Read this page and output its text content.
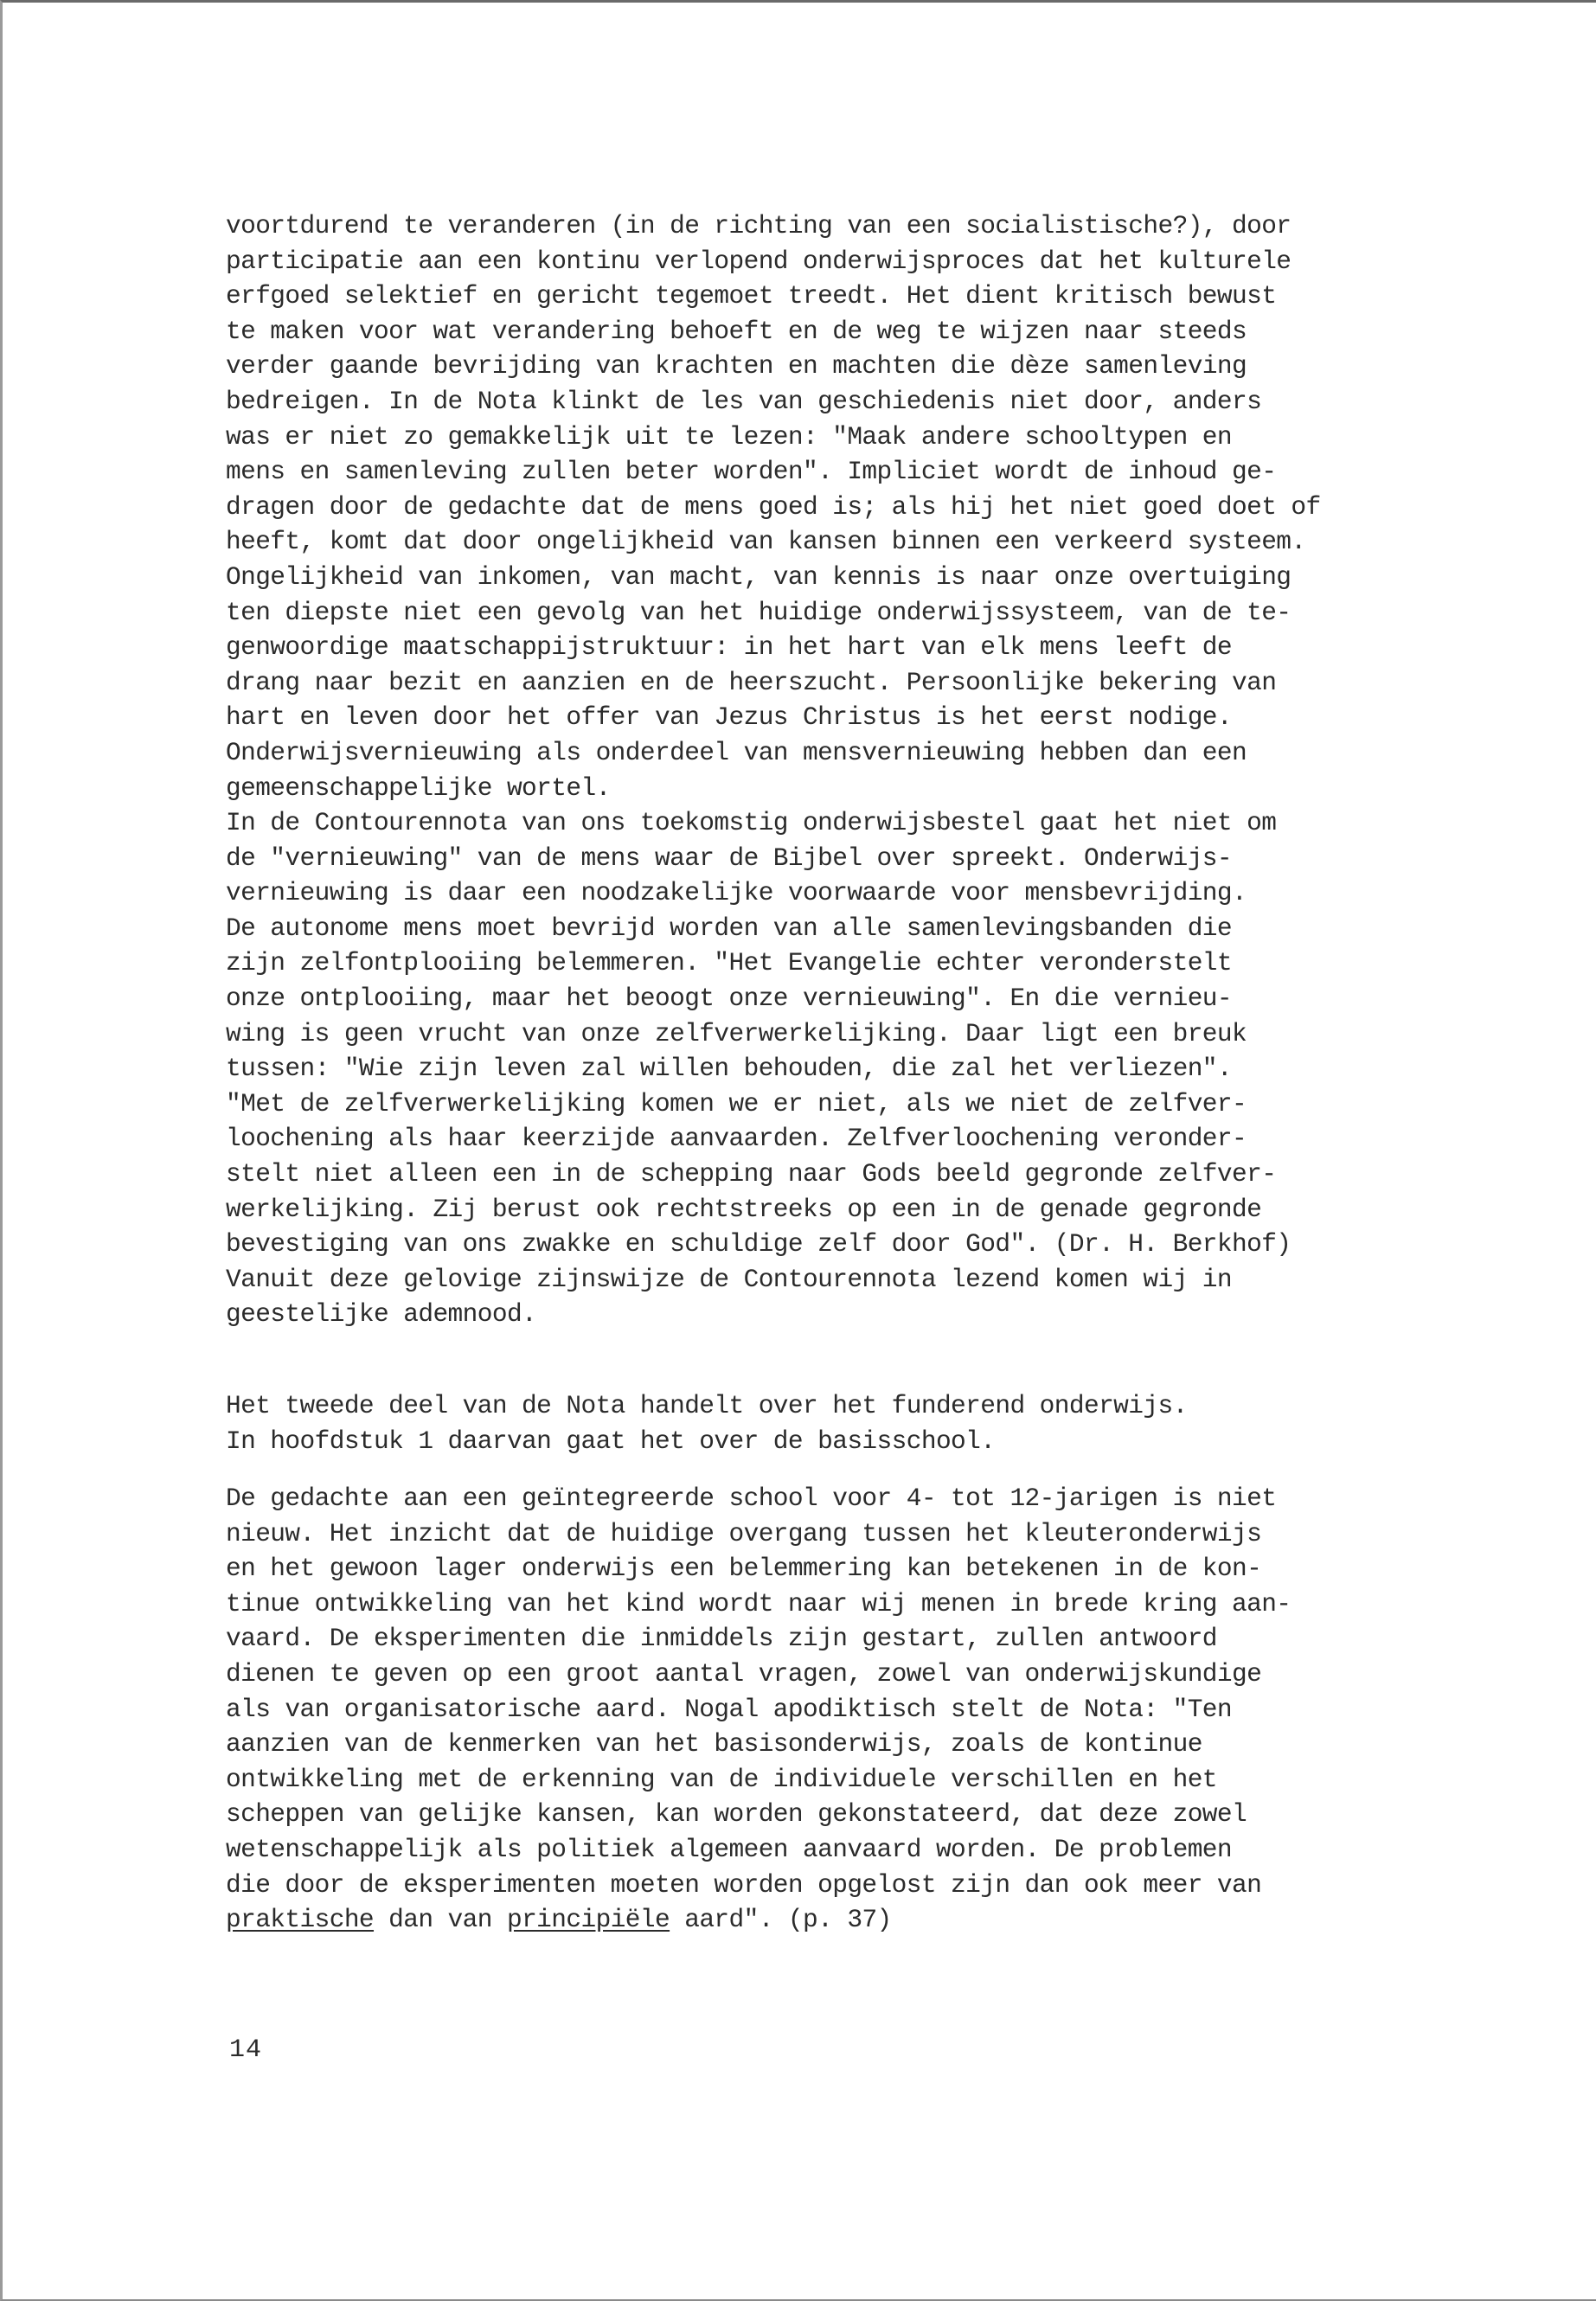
voortdurend te veranderen (in de richting van een socialistische?), door
participatie aan een kontinu verlopend onderwijsproces dat het kulturele
erfgoed selektief en gericht tegemoet treedt. Het dient kritisch bewust
te maken voor wat verandering behoeft en de weg te wijzen naar steeds
verder gaande bevrijding van krachten en machten die dèze samenleving
bedreigen. In de Nota klinkt de les van geschiedenis niet door, anders
was er niet zo gemakkelijk uit te lezen: "Maak andere schooltypen en
mens en samenleving zullen beter worden". Impliciet wordt de inhoud ge-
dragen door de gedachte dat de mens goed is; als hij het niet goed doet of
heeft, komt dat door ongelijkheid van kansen binnen een verkeerd systeem.
Ongelijkheid van inkomen, van macht, van kennis is naar onze overtuiging
ten diepste niet een gevolg van het huidige onderwijssysteem, van de te-
genwoordige maatschappijstruktuur: in het hart van elk mens leeft de
drang naar bezit en aanzien en de heerszucht. Persoonlijke bekering van
hart en leven door het offer van Jezus Christus is het eerst nodige.
Onderwijsvernieuwing als onderdeel van mensvernieuwing hebben dan een
gemeenschappelijke wortel.
In de Contourennota van ons toekomstig onderwijsbestel gaat het niet om
de "vernieuwing" van de mens waar de Bijbel over spreekt. Onderwijs-
vernieuwing is daar een noodzakelijke voorwaarde voor mensbevrijding.
De autonome mens moet bevrijd worden van alle samenlevingsbanden die
zijn zelfontplooiing belemmeren. "Het Evangelie echter veronderstelt
onze ontplooiing, maar het beoogt onze vernieuwing". En die vernieu-
wing is geen vrucht van onze zelfverwerkelijking. Daar ligt een breuk
tussen: "Wie zijn leven zal willen behouden, die zal het verliezen".
"Met de zelfverwerkelijking komen we er niet, als we niet de zelfver-
loochening als haar keerzijde aanvaarden. Zelfverloochening veronder-
stelt niet alleen een in de schepping naar Gods beeld gegronde zelfver-
werkelijking. Zij berust ook rechtstreeks op een in de genade gegronde
bevestiging van ons zwakke en schuldige zelf door God". (Dr. H. Berkhof)
Vanuit deze gelovige zijnswijze de Contourennota lezend komen wij in
geestelijke ademnood.
Het tweede deel van de Nota handelt over het funderend onderwijs.
In hoofdstuk 1 daarvan gaat het over de basisschool.
De gedachte aan een geïntegreerde school voor 4- tot 12-jarigen is niet
nieuw. Het inzicht dat de huidige overgang tussen het kleuteronderwijs
en het gewoon lager onderwijs een belemmering kan betekenen in de kon-
tinue ontwikkeling van het kind wordt naar wij menen in brede kring aan-
vaard. De eksperimenten die inmiddels zijn gestart, zullen antwoord
dienen te geven op een groot aantal vragen, zowel van onderwijskundige
als van organisatorische aard. Nogal apodiktisch stelt de Nota: "Ten
aanzien van de kenmerken van het basisonderwijs, zoals de kontinue
ontwikkeling met de erkenning van de individuele verschillen en het
scheppen van gelijke kansen, kan worden gekonstateerd, dat deze zowel
wetenschappelijk als politiek algemeen aanvaard worden. De problemen
die door de eksperimenten moeten worden opgelost zijn dan ook meer van
praktische dan van principiële aard". (p. 37)
14
